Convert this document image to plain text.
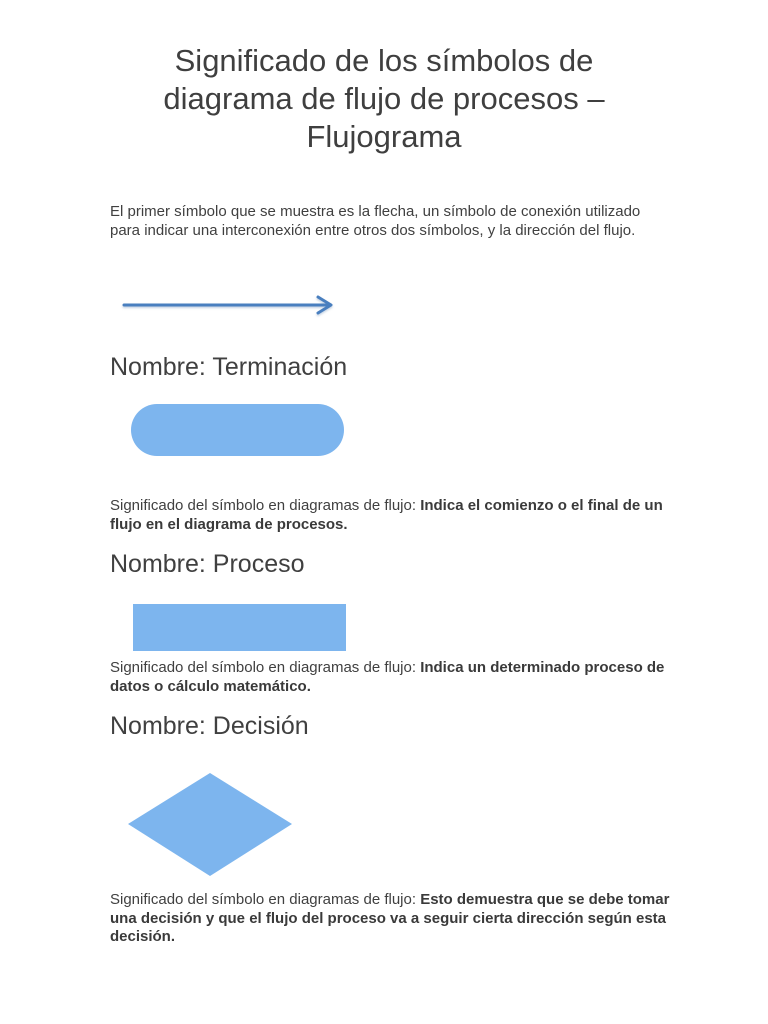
Significado de los símbolos de
diagrama de flujo de procesos –
Flujograma

El primer símbolo que se muestra es la flecha, un símbolo de conexión utilizado para indicar una interconexión entre otros dos símbolos, y la dirección del flujo.

Nombre: Terminación

Significado del símbolo en diagramas de flujo: Indica el comienzo o el final de un flujo en el diagrama de procesos.

Nombre: Proceso

Significado del símbolo en diagramas de flujo: Indica un determinado proceso de datos o cálculo matemático.

Nombre: Decisión

Significado del símbolo en diagramas de flujo: Esto demuestra que se debe tomar una decisión y que el flujo del proceso va a seguir cierta dirección según esta decisión.
